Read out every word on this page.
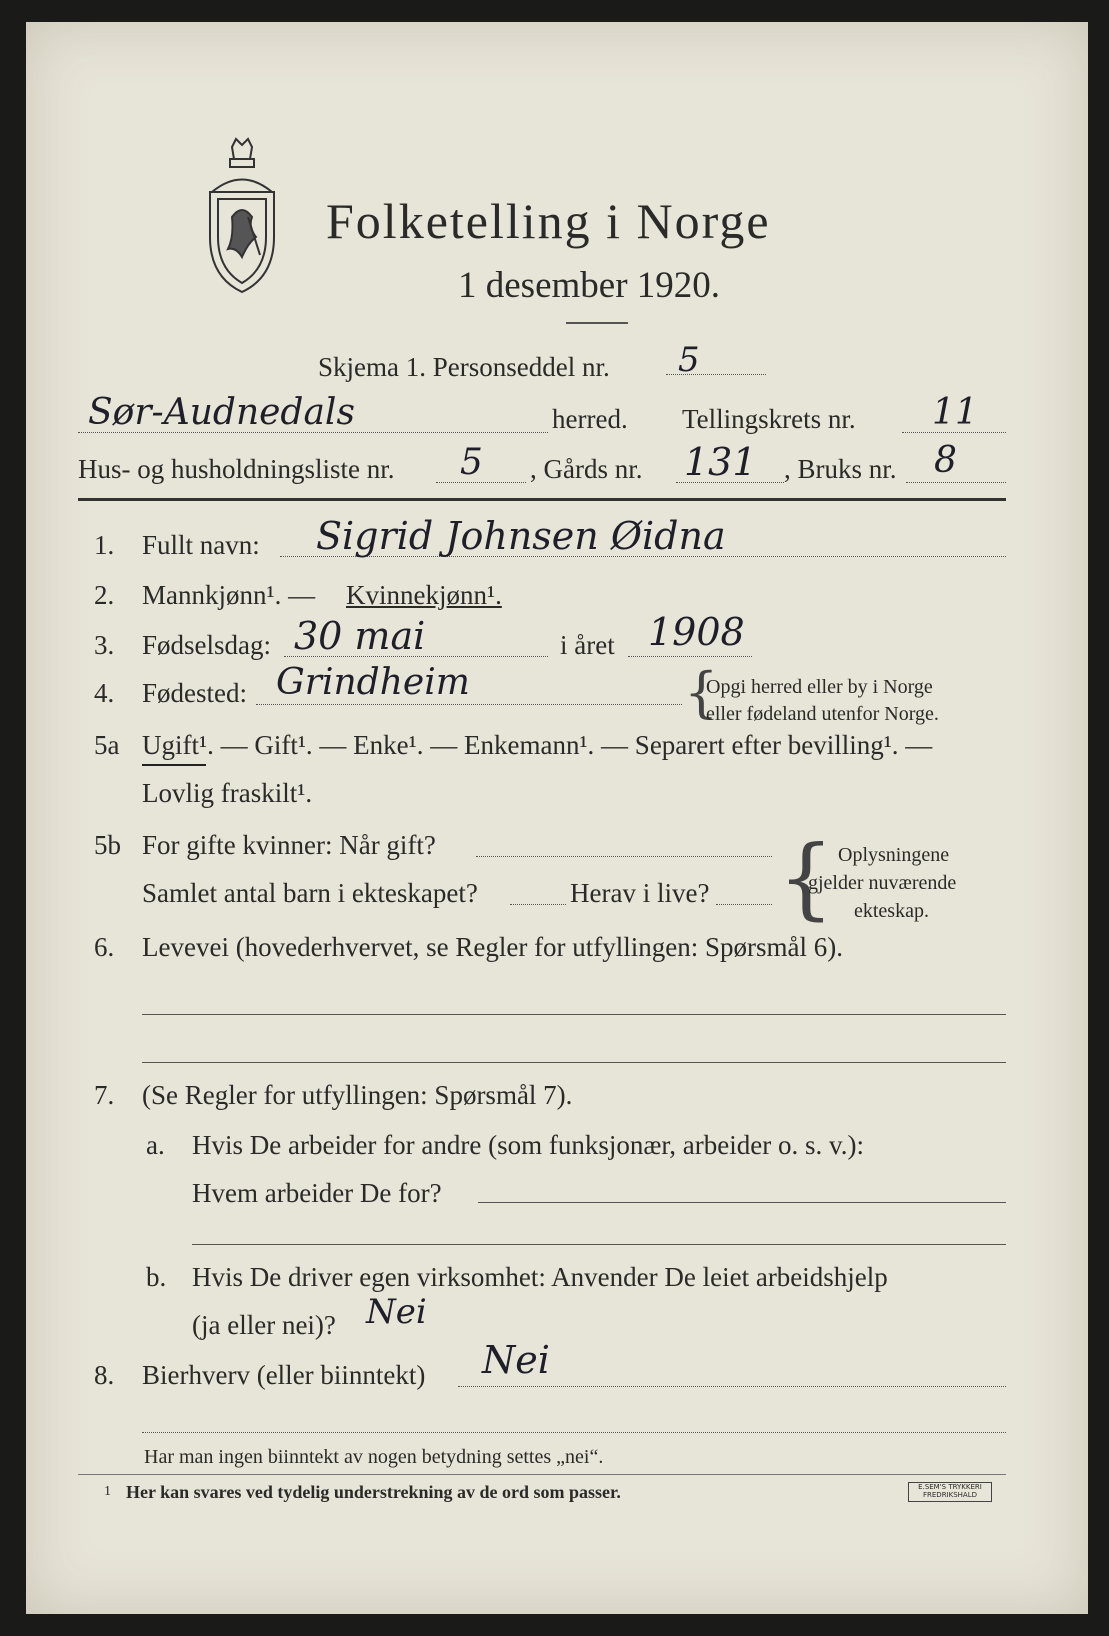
Folketelling i Norge
1 desember 1920.
Skjema 1. Personseddel nr. 5
Sør-Audnedals	herred. Tellingskrets nr. 11
Hus- og husholdningsliste nr. 5 , Gårds nr. 131 , Bruks nr. 8
1. Fullt navn: Sigrid Johnsen Øidna
2. Mannkjønn¹. — Kvinnekjønn¹.
3. Fødselsdag: 30 mai	i året 1908
4. Fødested: Grindheim	{
Opgi herred eller by i Norge
eller fødeland utenfor Norge.
5a Ugift¹. — Gift¹. — Enke¹. — Enkemann¹. — Separert efter bevilling¹. —
Lovlig fraskilt¹.
5b For gifte kvinner: Når gift?
Samlet antal barn i ekteskapet?	Herav i live? { Oplysningene
gjelder nuværende
ekteskap.
6. Levevei (hovederhvervet, se Regler for utfyllingen: Spørsmål 6).
7. (Se Regler for utfyllingen: Spørsmål 7).
a. Hvis De arbeider for andre (som funksjonær, arbeider o. s. v.):
Hvem arbeider De for?
b. Hvis De driver egen virksomhet: Anvender De leiet arbeidshjelp
(ja eller nei)? Nei
8. Bierhverv (eller biinntekt) Nei
Har man ingen biinntekt av nogen betydning settes „nei“.
1 Her kan svares ved tydelig understrekning av de ord som passer.	E.SEM'S TRYKKERI
FREDRIKSHALD
